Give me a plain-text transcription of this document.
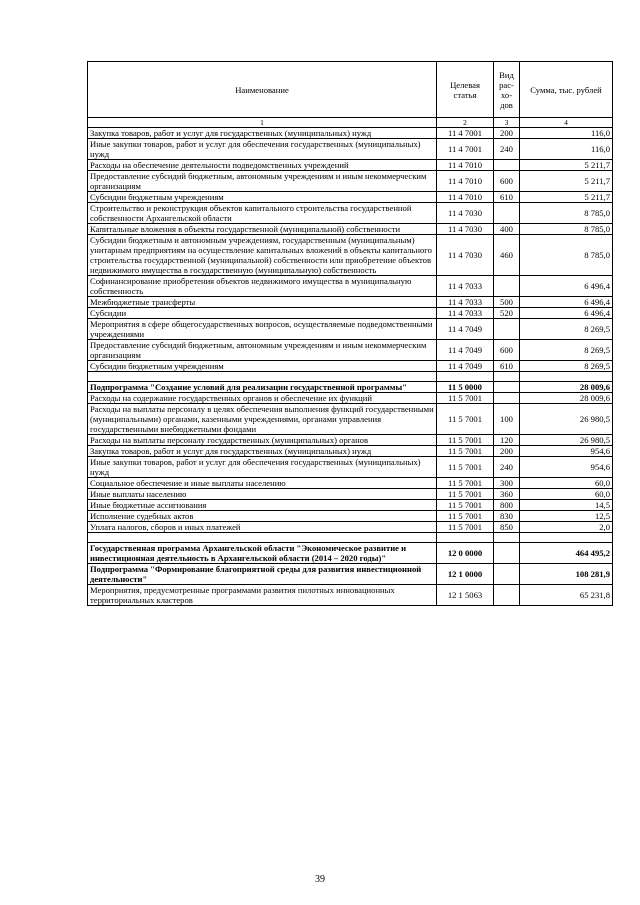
Наименование	Целевая статья	Вид рас-хо-дов	Сумма, тыс. рублей
1	2	3	4
Закупка товаров, работ и услуг для государственных (муниципальных) нужд	11 4 7001	200	116,0
Иные закупки товаров, работ и услуг для обеспечения государственных (муниципальных) нужд	11 4 7001	240	116,0
Расходы на обеспечение деятельности подведомственных учреждений	11 4 7010		5 211,7
Предоставление субсидий бюджетным, автономным учреждениям и иным некоммерческим организациям	11 4 7010	600	5 211,7
Субсидии бюджетным учреждениям	11 4 7010	610	5 211,7
Строительство и реконструкция объектов капитального строительства государственной собственности Архангельской области	11 4 7030		8 785,0
Капитальные вложения в объекты государственной (муниципальной) собственности	11 4 7030	400	8 785,0
Субсидии бюджетным и автономным учреждениям, государственным (муниципальным) унитарным предприятиям на осуществление капитальных вложений в объекты капитального строительства государственной (муниципальной) собственности или приобретение объектов недвижимого имущества в государственную (муниципальную) собственность	11 4 7030	460	8 785,0
Софинансирование приобретения объектов недвижимого имущества в муниципальную собственность	11 4 7033		6 496,4
Межбюджетные трансферты	11 4 7033	500	6 496,4
Субсидии	11 4 7033	520	6 496,4
Мероприятия в сфере общегосударственных вопросов, осуществляемые подведомственными учреждениями	11 4 7049		8 269,5
Предоставление субсидий бюджетным, автономным учреждениям и иным некоммерческим организациям	11 4 7049	600	8 269,5
Субсидии бюджетным учреждениям	11 4 7049	610	8 269,5

Подпрограмма "Создание условий для реализации государственной программы"	11 5 0000		28 009,6
Расходы на содержание государственных органов и обеспечение их функций	11 5 7001		28 009,6
Расходы на выплаты персоналу в целях обеспечения выполнения функций государственными (муниципальными) органами, казенными учреждениями, органами управления государственными внебюджетными фондами	11 5 7001	100	26 980,5
Расходы на выплаты персоналу государственных (муниципальных) органов	11 5 7001	120	26 980,5
Закупка товаров, работ и услуг для государственных (муниципальных) нужд	11 5 7001	200	954,6
Иные закупки товаров, работ и услуг для обеспечения государственных (муниципальных) нужд	11 5 7001	240	954,6
Социальное обеспечение и иные выплаты населению	11 5 7001	300	60,0
Иные выплаты населению	11 5 7001	360	60,0
Иные бюджетные ассигнования	11 5 7001	800	14,5
Исполнение судебных актов	11 5 7001	830	12,5
Уплата налогов, сборов и иных платежей	11 5 7001	850	2,0

Государственная программа Архангельской области "Экономическое развитие и инвестиционная деятельность в Архангельской области (2014 – 2020 годы)"	12 0 0000		464 495,2
Подпрограмма "Формирование благоприятной среды для развития инвестиционной деятельности"	12 1 0000		108 281,9
Мероприятия, предусмотренные программами развития пилотных инновационных территориальных кластеров	12 1 5063		65 231,8
39
